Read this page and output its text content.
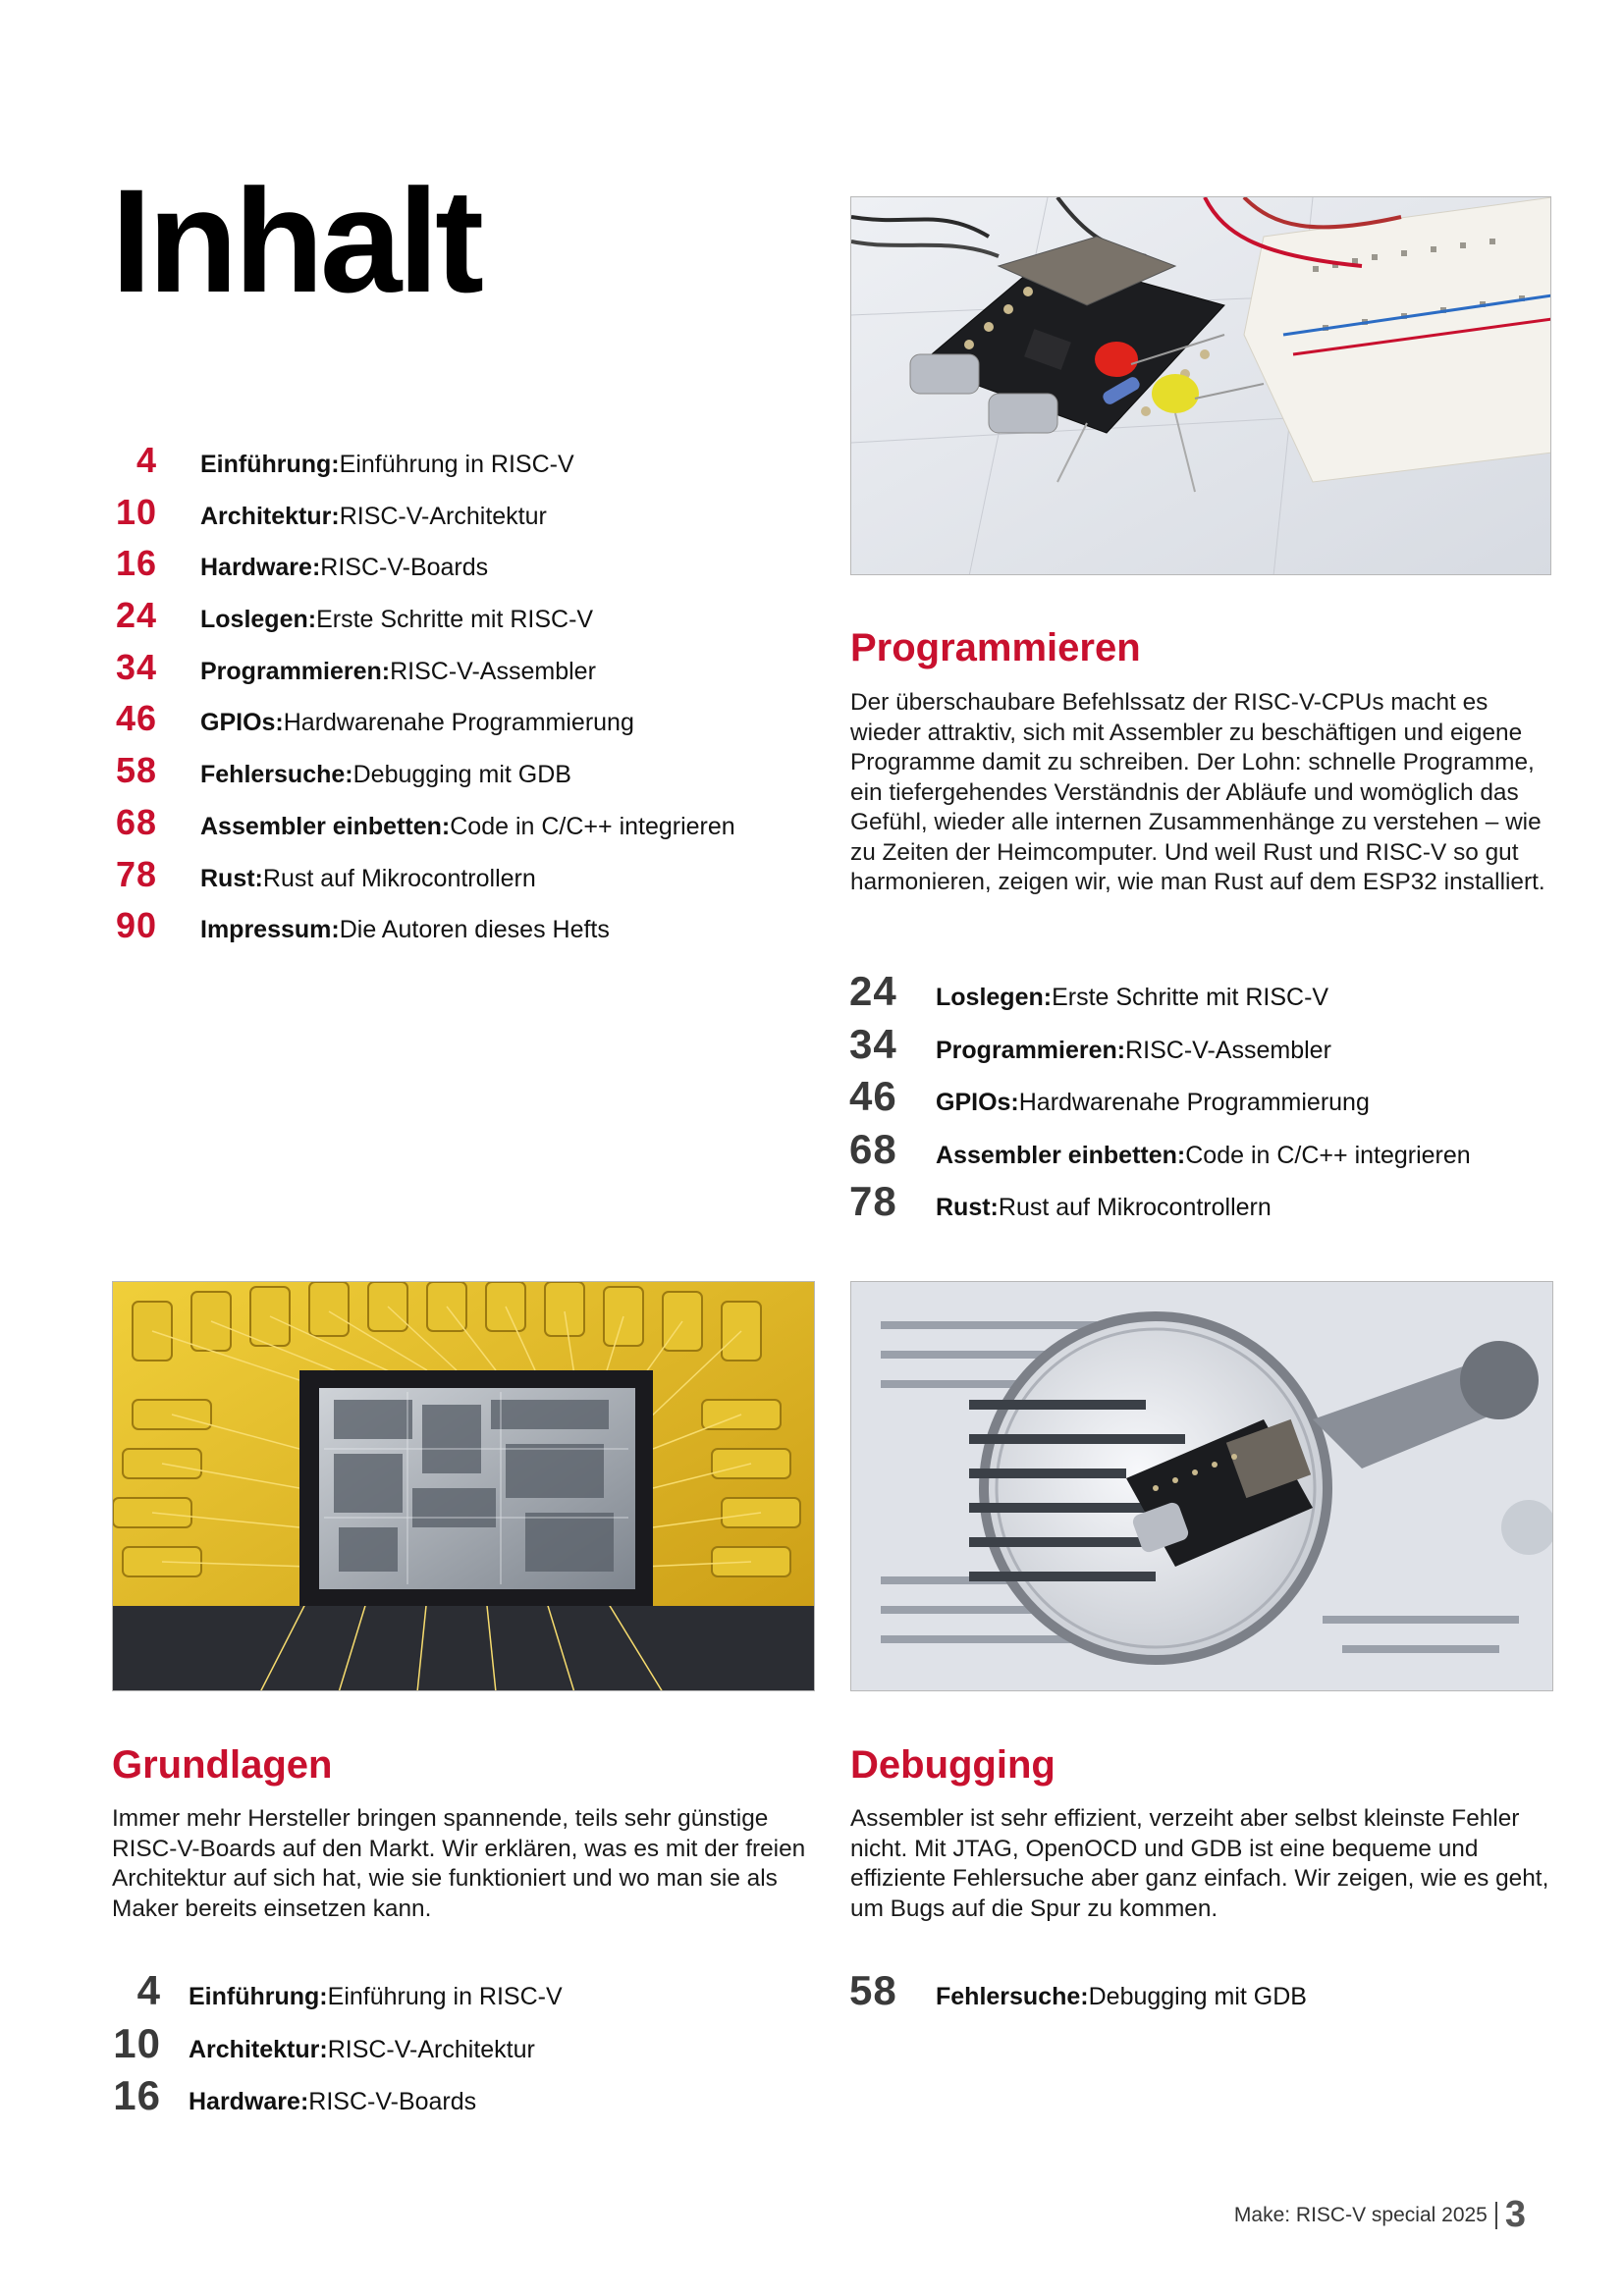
Inhalt
4 Einführung: Einführung in RISC-V
10 Architektur: RISC-V-Architektur
16 Hardware: RISC-V-Boards
24 Loslegen: Erste Schritte mit RISC-V
34 Programmieren: RISC-V-Assembler
46 GPIOs: Hardwarenahe Programmierung
58 Fehlersuche: Debugging mit GDB
68 Assembler einbetten: Code in C/C++ integrieren
78 Rust: Rust auf Mikrocontrollern
90 Impressum: Die Autoren dieses Hefts
Programmieren

Der überschaubare Befehlssatz der RISC-V-CPUs macht es wieder attraktiv, sich mit Assembler zu beschäftigen und eigene Programme damit zu schreiben. Der Lohn: schnelle Programme, ein tiefergehendes Verständnis der Abläufe und womöglich das Gefühl, wieder alle internen Zusammenhänge zu verstehen – wie zu Zeiten der Heimcomputer. Und weil Rust und RISC-V so gut harmonieren, zeigen wir, wie man Rust auf dem ESP32 installiert.

24	Loslegen: Erste Schritte mit RISC-V
34	Programmieren: RISC-V-Assembler
46	GPIOs: Hardwarenahe Programmierung
68	Assembler einbetten: Code in C/C++ integrieren
78	Rust: Rust auf Mikrocontrollern
Grundlagen

Immer mehr Hersteller bringen spannende, teils sehr günstige RISC-V-Boards auf den Markt. Wir erklären, was es mit der freien Architektur auf sich hat, wie sie funktioniert und wo man sie als Maker bereits einsetzen kann.

4 Einführung: Einführung in RISC-V
10 Architektur: RISC-V-Architektur
16 Hardware: RISC-V-Boards
Debugging

Assembler ist sehr effizient, verzeiht aber selbst kleinste Fehler nicht. Mit JTAG, OpenOCD und GDB ist eine bequeme und effiziente Fehlersuche aber ganz einfach. Wir zeigen, wie es geht, um Bugs auf die Spur zu kommen.

58	Fehlersuche: Debugging mit GDB
Make: RISC-V special 2025 3
